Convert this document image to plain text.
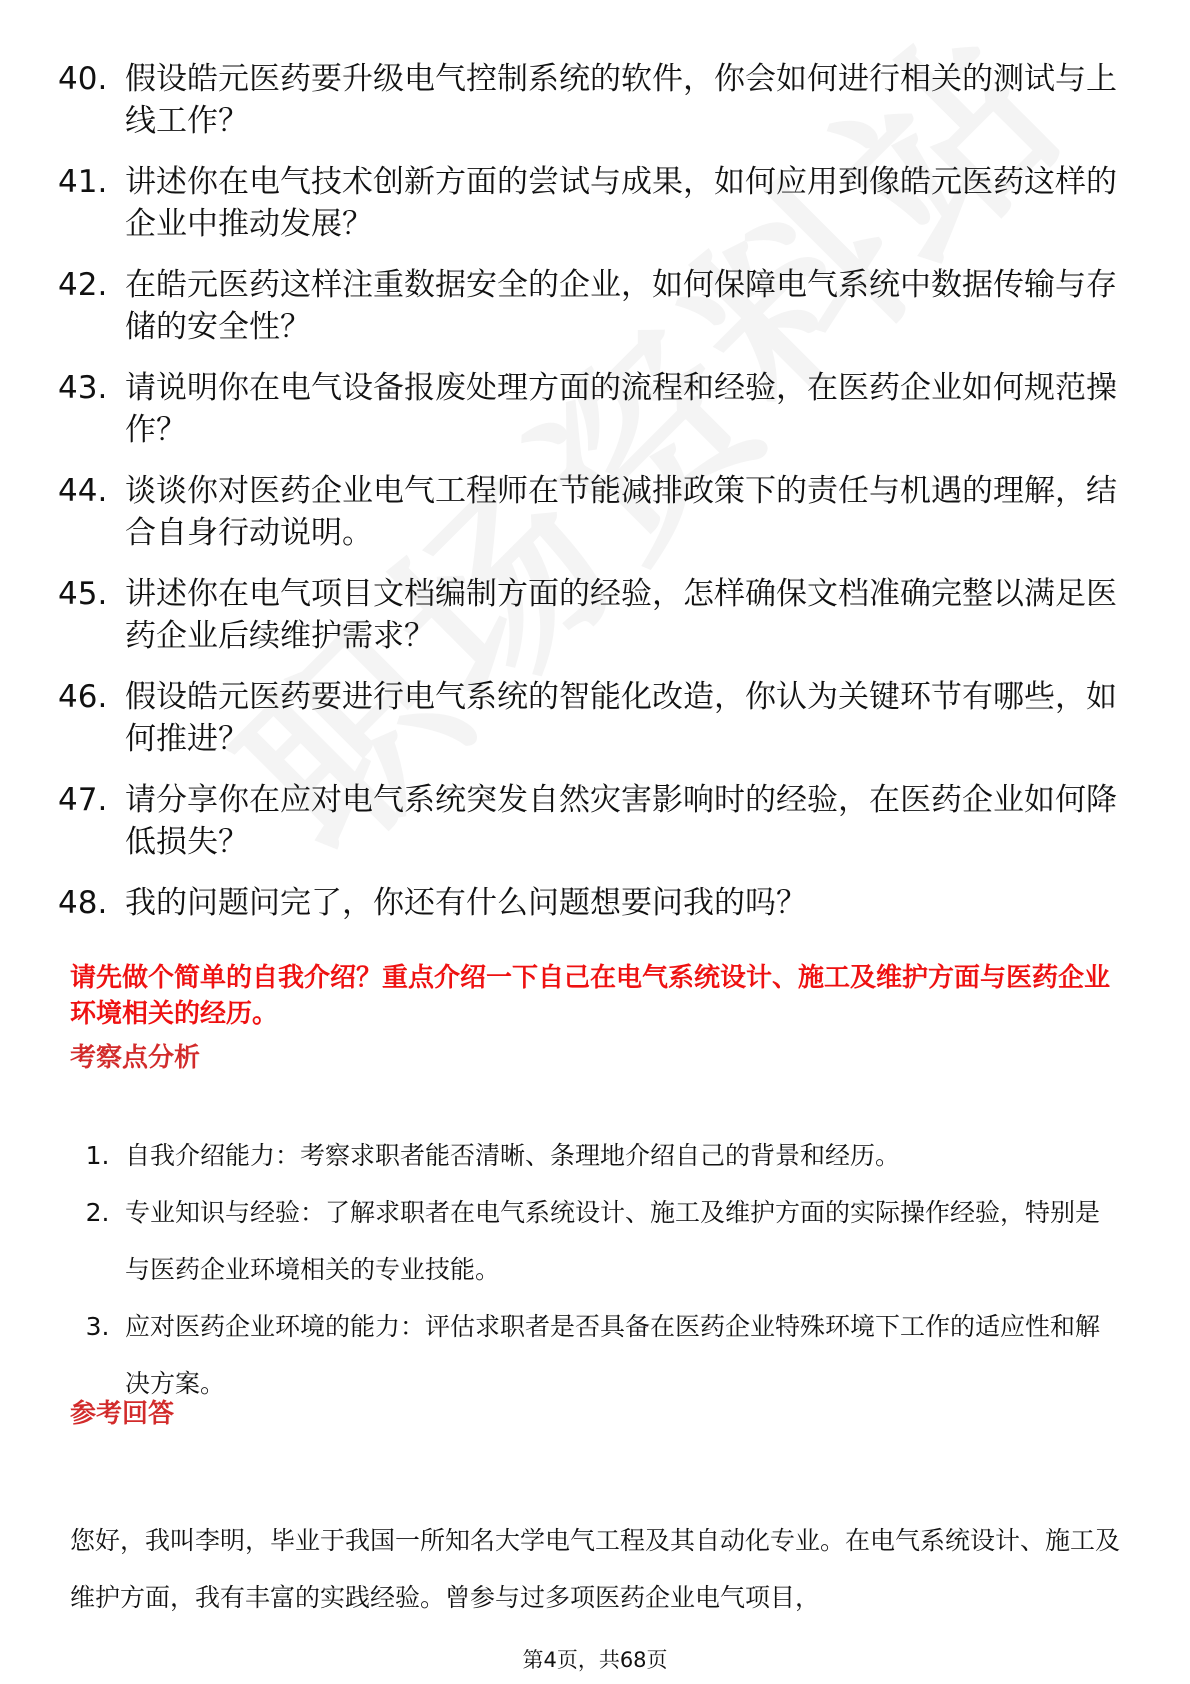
40. 假设皓元医药要升级电气控制系统的软件，你会如何进行相关的测试与上线工作？
41. 讲述你在电气技术创新方面的尝试与成果，如何应用到像皓元医药这样的企业中推动发展？
42. 在皓元医药这样注重数据安全的企业，如何保障电气系统中数据传输与存储的安全性？
43. 请说明你在电气设备报废处理方面的流程和经验，在医药企业如何规范操作？
44. 谈谈你对医药企业电气工程师在节能减排政策下的责任与机遇的理解，结合自身行动说明。
45. 讲述你在电气项目文档编制方面的经验，怎样确保文档准确完整以满足医药企业后续维护需求？
46. 假设皓元医药要进行电气系统的智能化改造，你认为关键环节有哪些，如何推进？
47. 请分享你在应对电气系统突发自然灾害影响时的经验，在医药企业如何降低损失？
48. 我的问题问完了，你还有什么问题想要问我的吗？

请先做个简单的自我介绍？重点介绍一下自己在电气系统设计、施工及维护方面与医药企业环境相关的经历。

考察点分析
1. 自我介绍能力：考察求职者能否清晰、条理地介绍自己的背景和经历。
2. 专业知识与经验：了解求职者在电气系统设计、施工及维护方面的实际操作经验，特别是与医药企业环境相关的专业技能。
3. 应对医药企业环境的能力：评估求职者是否具备在医药企业特殊环境下工作的适应性和解决方案。
参考回答

您好，我叫李明，毕业于我国一所知名大学电气工程及其自动化专业。在电气系统设计、施工及维护方面，我有丰富的实践经验。曾参与过多项医药企业电气项目，

第4页，共68页
